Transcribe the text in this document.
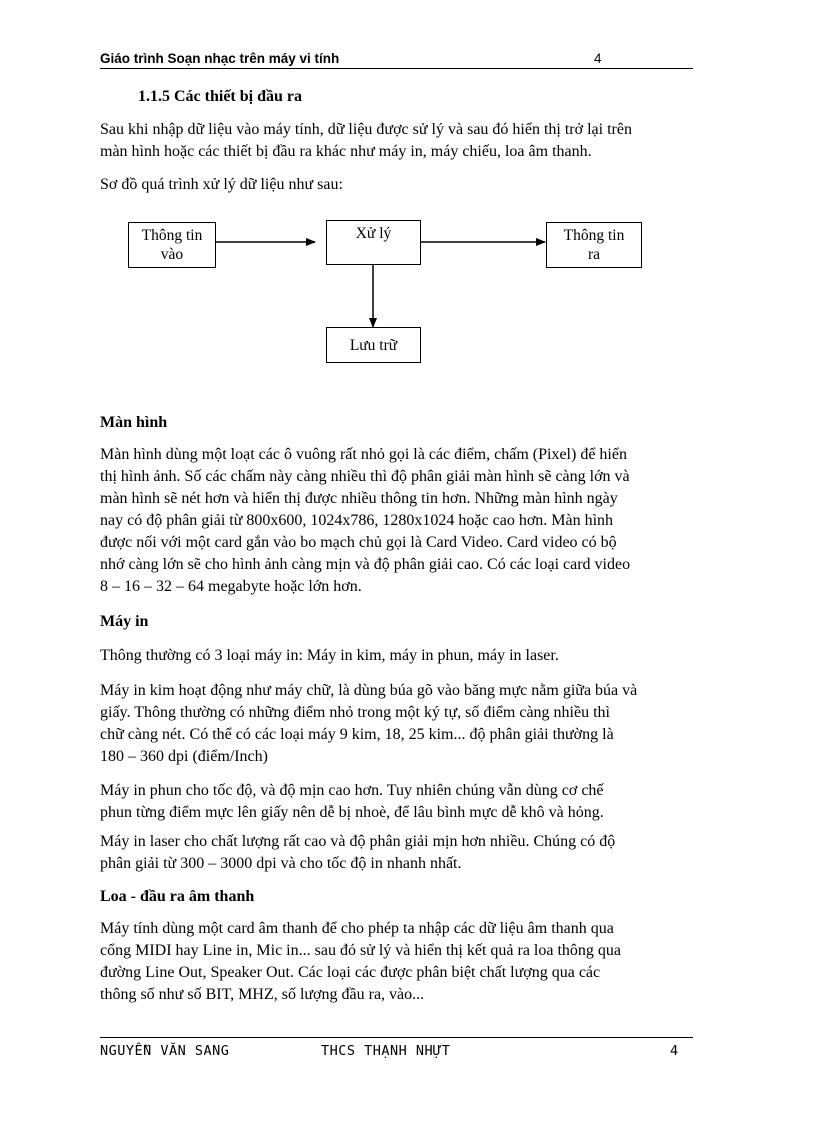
Giáo trình Soạn nhạc trên máy vi tính	4
1.1.5 Các thiết bị đầu ra
Sau khi nhập dữ liệu vào máy tính, dữ liệu được sử lý và sau đó hiển thị trở lại trên
màn hình hoặc các thiết bị đầu ra khác như máy in, máy chiếu, loa âm thanh.
Sơ đồ quá trình xử lý dữ liệu như sau:
Thông tin
vào
Xử lý	Thông tin
ra
Lưu trữ
Màn hình
Màn hình dùng một loạt các ô vuông rất nhỏ gọi là các điểm, chấm (Pixel) để hiển
thị hình ảnh. Số các chấm này càng nhiều thì độ phân giải màn hình sẽ càng lớn và
màn hình sẽ nét hơn và hiển thị được nhiều thông tin hơn. Những màn hình ngày
nay có độ phân giải từ 800x600, 1024x786, 1280x1024 hoặc cao hơn. Màn hình
được nối với một card gắn vào bo mạch chủ gọi là Card Video. Card video có bộ
nhớ càng lớn sẽ cho hình ảnh càng mịn và độ phân giải cao. Có các loại card video
8 – 16 – 32 – 64 megabyte hoặc lớn hơn.
Máy in
Thông thường có 3 loại máy in: Máy in kim, máy in phun, máy in laser.
Máy in kim hoạt động như máy chữ, là dùng búa gõ vào băng mực nằm giữa búa và
giấy. Thông thường có những điểm nhỏ trong một ký tự, số điểm càng nhiều thì
chữ càng nét. Có thể có các loại máy 9 kim, 18, 25 kim... độ phân giải thường là
180 – 360 dpi (điểm/Inch)
Máy in phun cho tốc độ, và độ mịn cao hơn. Tuy nhiên chúng vẫn dùng cơ chế
phun từng điểm mực lên giấy nên dễ bị nhoè, để lâu bình mực dễ khô và hỏng.
Máy in laser cho chất lượng rất cao và độ phân giải mịn hơn nhiều. Chúng có độ
phân giải từ 300 – 3000 dpi và cho tốc độ in nhanh nhất.
Loa - đầu ra âm thanh
Máy tính dùng một card âm thanh để cho phép ta nhập các dữ liệu âm thanh qua
cổng MIDI hay Line in, Mic in... sau đó sử lý và hiển thị kết quả ra loa thông qua
đường Line Out, Speaker Out. Các loại các được phân biệt chất lượng qua các
thông số như số BIT, MHZ, số lượng đầu ra, vào...
NGUYỄN VĂN SANG	THCS THẠNH NHỰT	4
